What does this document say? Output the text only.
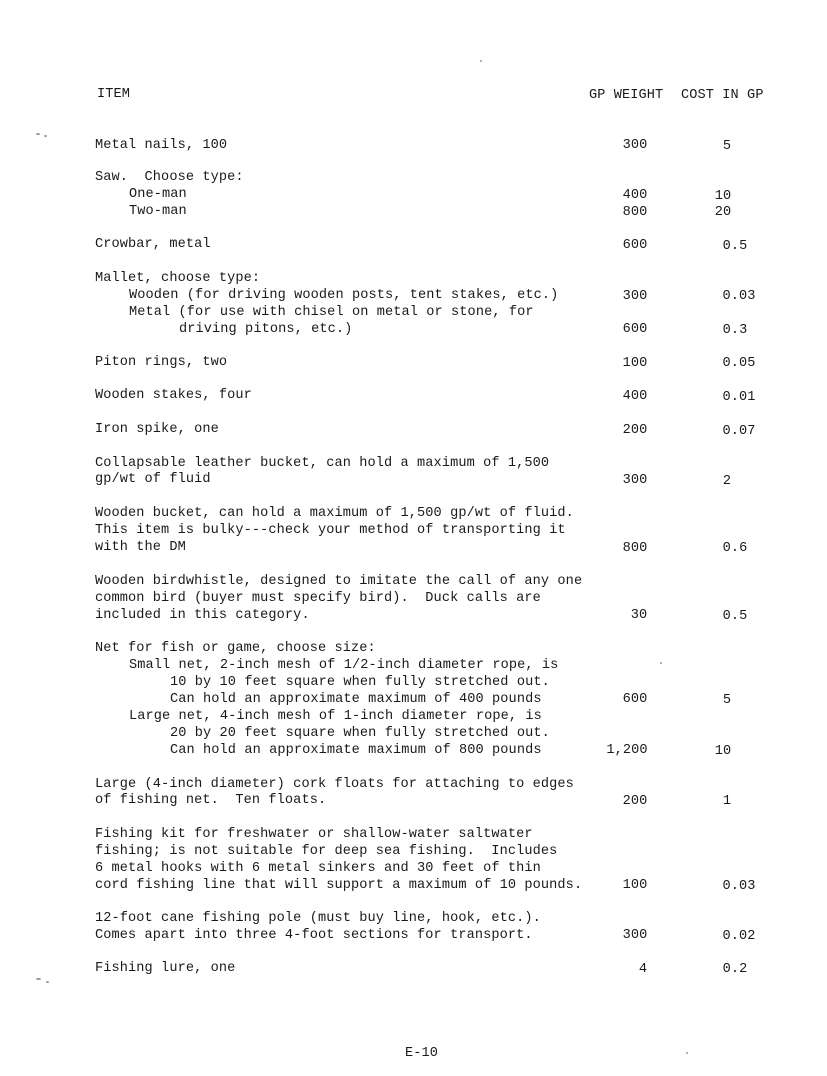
ITEM	GP WEIGHT COST IN GP
Metal nails, 100	300	5
Saw.  Choose type:
One-man	400	10
Two-man	800	20
Crowbar, metal	600	0.5
Mallet, choose type:
Wooden (for driving wooden posts, tent stakes, etc.)	300	0.03
Metal (for use with chisel on metal or stone, for
driving pitons, etc.)	600	0.3
Piton rings, two	100	0.05
Wooden stakes, four	400	0.01
Iron spike, one	200	0.07
Collapsable leather bucket, can hold a maximum of 1,500
gp/wt of fluid	300	2
Wooden bucket, can hold a maximum of 1,500 gp/wt of fluid.
This item is bulky---check your method of transporting it
with the DM	800	0.6
Wooden birdwhistle, designed to imitate the call of any one
common bird (buyer must specify bird).  Duck calls are
included in this category.	30	0.5
Net for fish or game, choose size:
Small net, 2-inch mesh of 1/2-inch diameter rope, is
10 by 10 feet square when fully stretched out.
Can hold an approximate maximum of 400 pounds	600	5
Large net, 4-inch mesh of 1-inch diameter rope, is
20 by 20 feet square when fully stretched out.
Can hold an approximate maximum of 800 pounds	1,200	10
Large (4-inch diameter) cork floats for attaching to edges
of fishing net.  Ten floats.	200	1
Fishing kit for freshwater or shallow-water saltwater
fishing; is not suitable for deep sea fishing.  Includes
6 metal hooks with 6 metal sinkers and 30 feet of thin
cord fishing line that will support a maximum of 10 pounds.	100	0.03
12-foot cane fishing pole (must buy line, hook, etc.).
Comes apart into three 4-foot sections for transport.	300	0.02
Fishing lure, one	4	0.2
E-10
